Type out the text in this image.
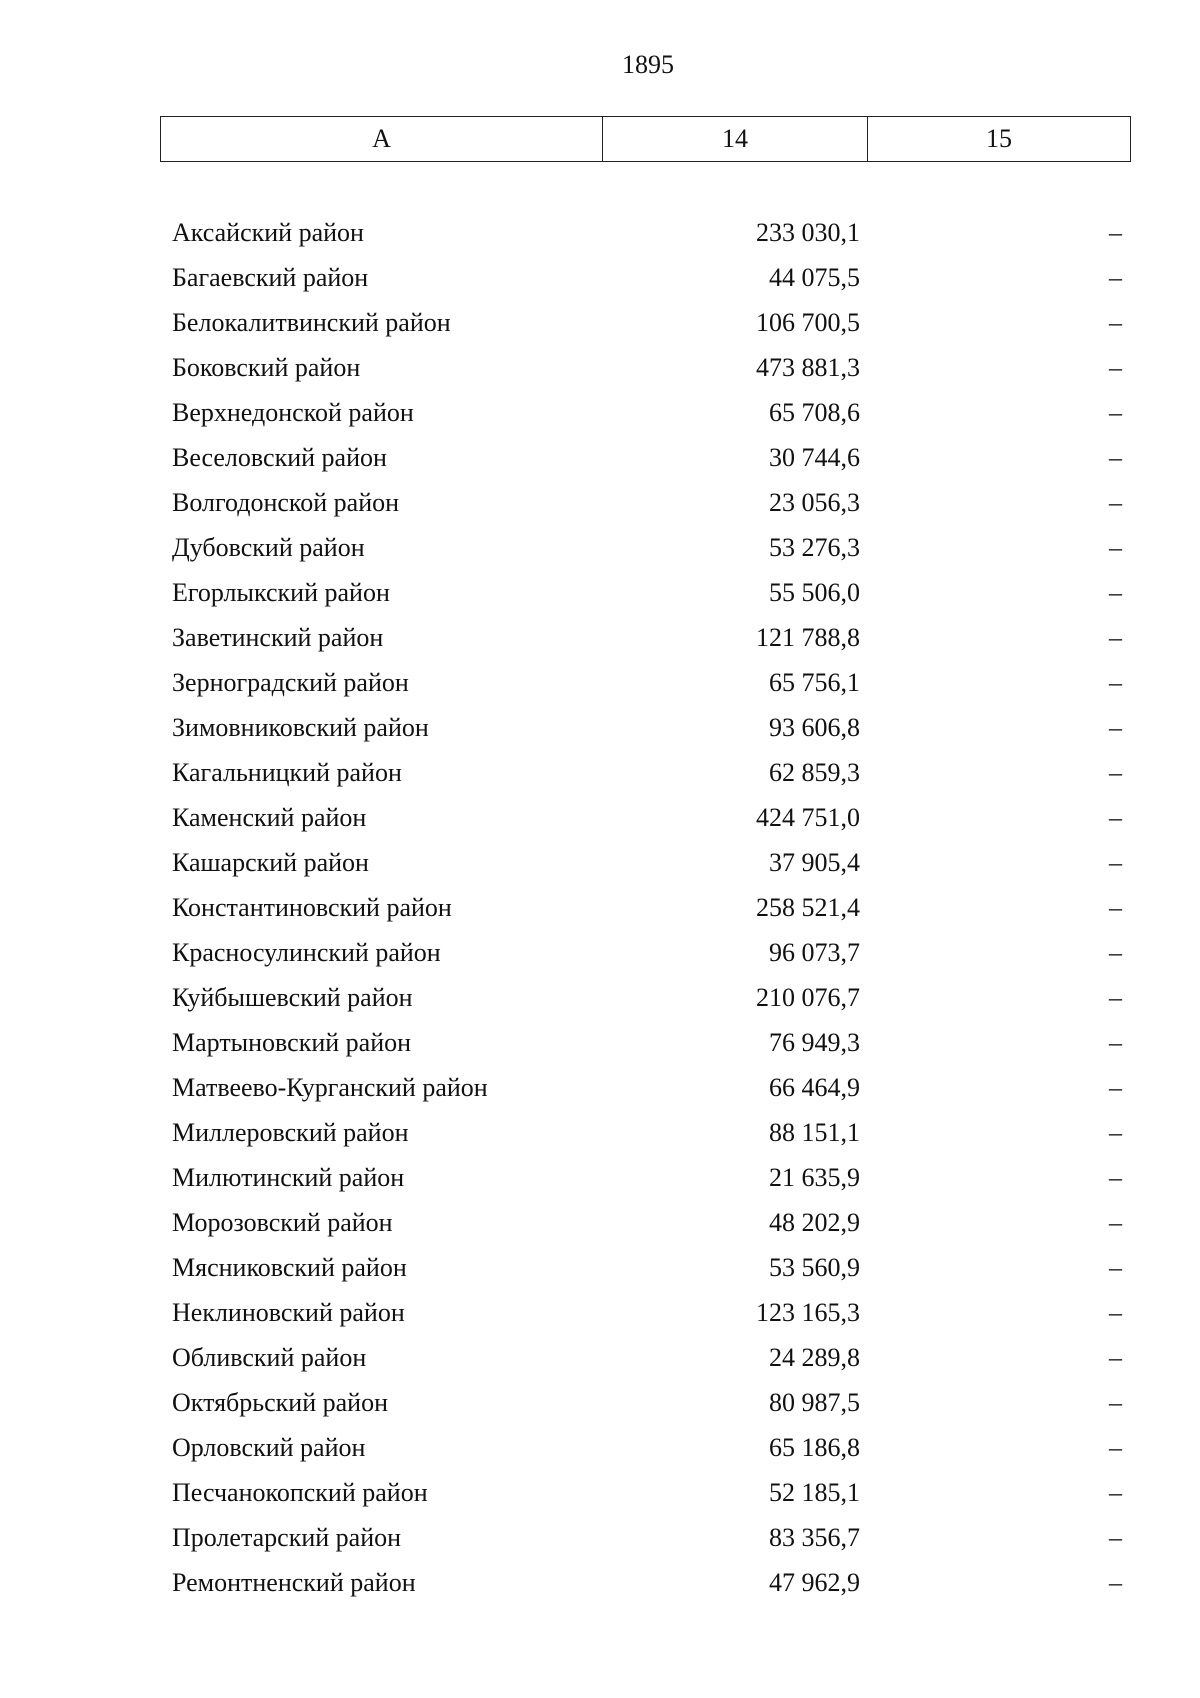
1895
А	14	15
Аксайский район	233 030,1	–
Багаевский район	44 075,5	–
Белокалитвинский район	106 700,5	–
Боковский район	473 881,3	–
Верхнедонской район	65 708,6	–
Веселовский район	30 744,6	–
Волгодонской район	23 056,3	–
Дубовский район	53 276,3	–
Егорлыкский район	55 506,0	–
Заветинский район	121 788,8	–
Зерноградский район	65 756,1	–
Зимовниковский район	93 606,8	–
Кагальницкий район	62 859,3	–
Каменский район	424 751,0	–
Кашарский район	37 905,4	–
Константиновский район	258 521,4	–
Красносулинский район	96 073,7	–
Куйбышевский район	210 076,7	–
Мартыновский район	76 949,3	–
Матвеево-Курганский район	66 464,9	–
Миллеровский район	88 151,1	–
Милютинский район	21 635,9	–
Морозовский район	48 202,9	–
Мясниковский район	53 560,9	–
Неклиновский район	123 165,3	–
Обливский район	24 289,8	–
Октябрьский район	80 987,5	–
Орловский район	65 186,8	–
Песчанокопский район	52 185,1	–
Пролетарский район	83 356,7	–
Ремонтненский район	47 962,9	–
